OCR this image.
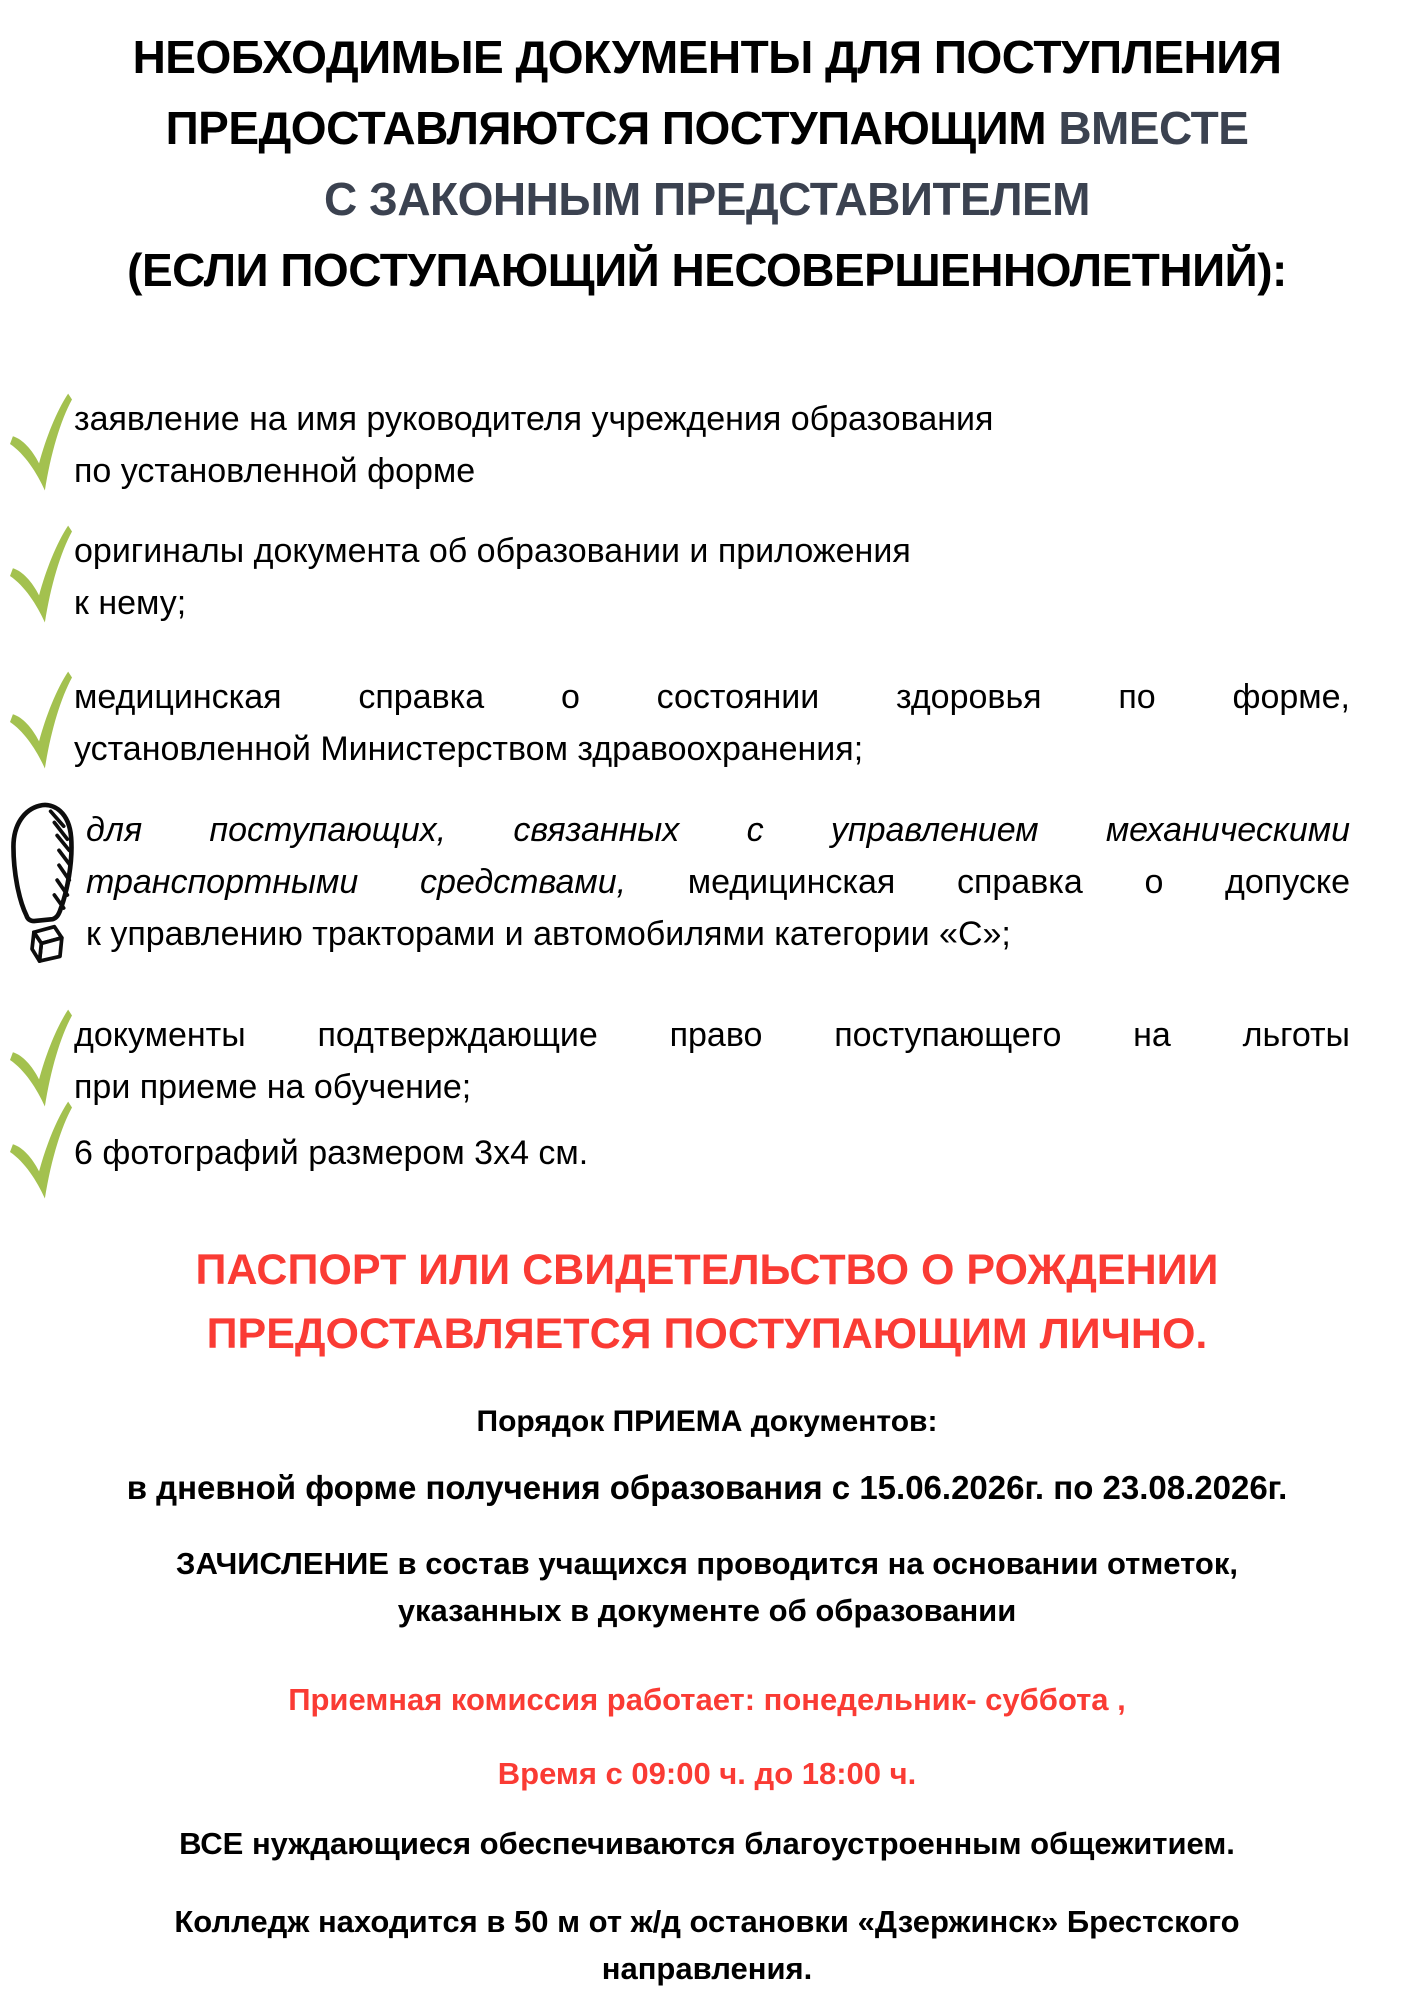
НЕОБХОДИМЫЕ ДОКУМЕНТЫ ДЛЯ ПОСТУПЛЕНИЯ
ПРЕДОСТАВЛЯЮТСЯ ПОСТУПАЮЩИМ ВМЕСТЕ
С ЗАКОННЫМ ПРЕДСТАВИТЕЛЕМ
(ЕСЛИ ПОСТУПАЮЩИЙ НЕСОВЕРШЕННОЛЕТНИЙ):
заявление на имя руководителя учреждения образования
по установленной форме
оригиналы документа об образовании и приложения
к нему;
медицинская справка о состоянии здоровья по форме,
установленной Министерством здравоохранения;
для поступающих, связанных с управлением механическими
транспортными средствами, медицинская справка о допуске
к управлению тракторами и автомобилями категории «С»;
документы подтверждающие право поступающего на льготы
при приеме на обучение;
6 фотографий размером 3х4 см.
ПАСПОРТ ИЛИ СВИДЕТЕЛЬСТВО О РОЖДЕНИИ
ПРЕДОСТАВЛЯЕТСЯ ПОСТУПАЮЩИМ ЛИЧНО.
Порядок ПРИЕМА документов:
в дневной форме получения образования с 15.06.2026г. по 23.08.2026г.
ЗАЧИСЛЕНИЕ в состав учащихся проводится на основании отметок,
указанных в документе об образовании
Приемная комиссия работает: понедельник- суббота ,
Время с 09:00 ч. до 18:00 ч.
ВСЕ нуждающиеся обеспечиваются благоустроенным общежитием.
Колледж находится в 50 м от ж/д остановки «Дзержинск» Брестского
направления.
